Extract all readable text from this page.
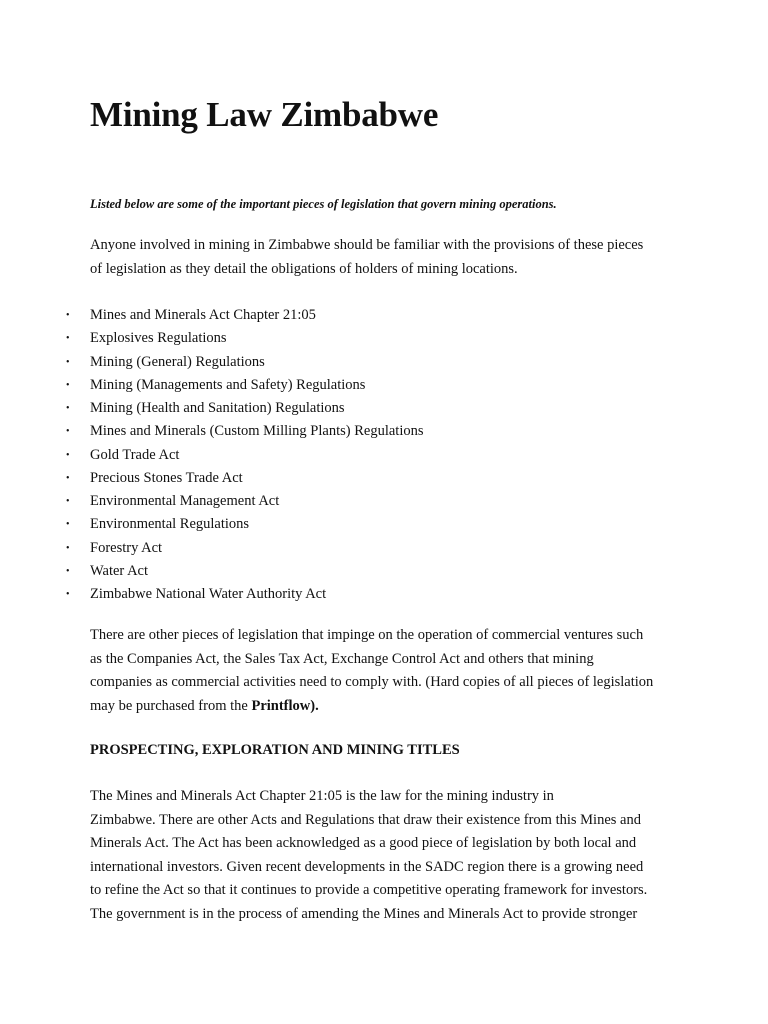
Mining Law Zimbabwe

Listed below are some of the important pieces of legislation that govern mining operations.

Anyone involved in mining in Zimbabwe should be familiar with the provisions of these pieces
of legislation as they detail the obligations of holders of mining locations.

• Mines and Minerals Act Chapter 21:05
• Explosives Regulations
• Mining (General) Regulations
• Mining (Managements and Safety) Regulations
• Mining (Health and Sanitation) Regulations
• Mines and Minerals (Custom Milling Plants) Regulations
• Gold Trade Act
• Precious Stones Trade Act
• Environmental Management Act
• Environmental Regulations
• Forestry Act
• Water Act
• Zimbabwe National Water Authority Act

There are other pieces of legislation that impinge on the operation of commercial ventures such
as the Companies Act, the Sales Tax Act, Exchange Control Act and others that mining
companies as commercial activities need to comply with. (Hard copies of all pieces of legislation
may be purchased from the Printflow).

PROSPECTING, EXPLORATION AND MINING TITLES

The Mines and Minerals Act Chapter 21:05 is the law for the mining industry in
Zimbabwe. There are other Acts and Regulations that draw their existence from this Mines and
Minerals Act. The Act has been acknowledged as a good piece of legislation by both local and
international investors. Given recent developments in the SADC region there is a growing need
to refine the Act so that it continues to provide a competitive operating framework for investors.
The government is in the process of amending the Mines and Minerals Act to provide stronger
